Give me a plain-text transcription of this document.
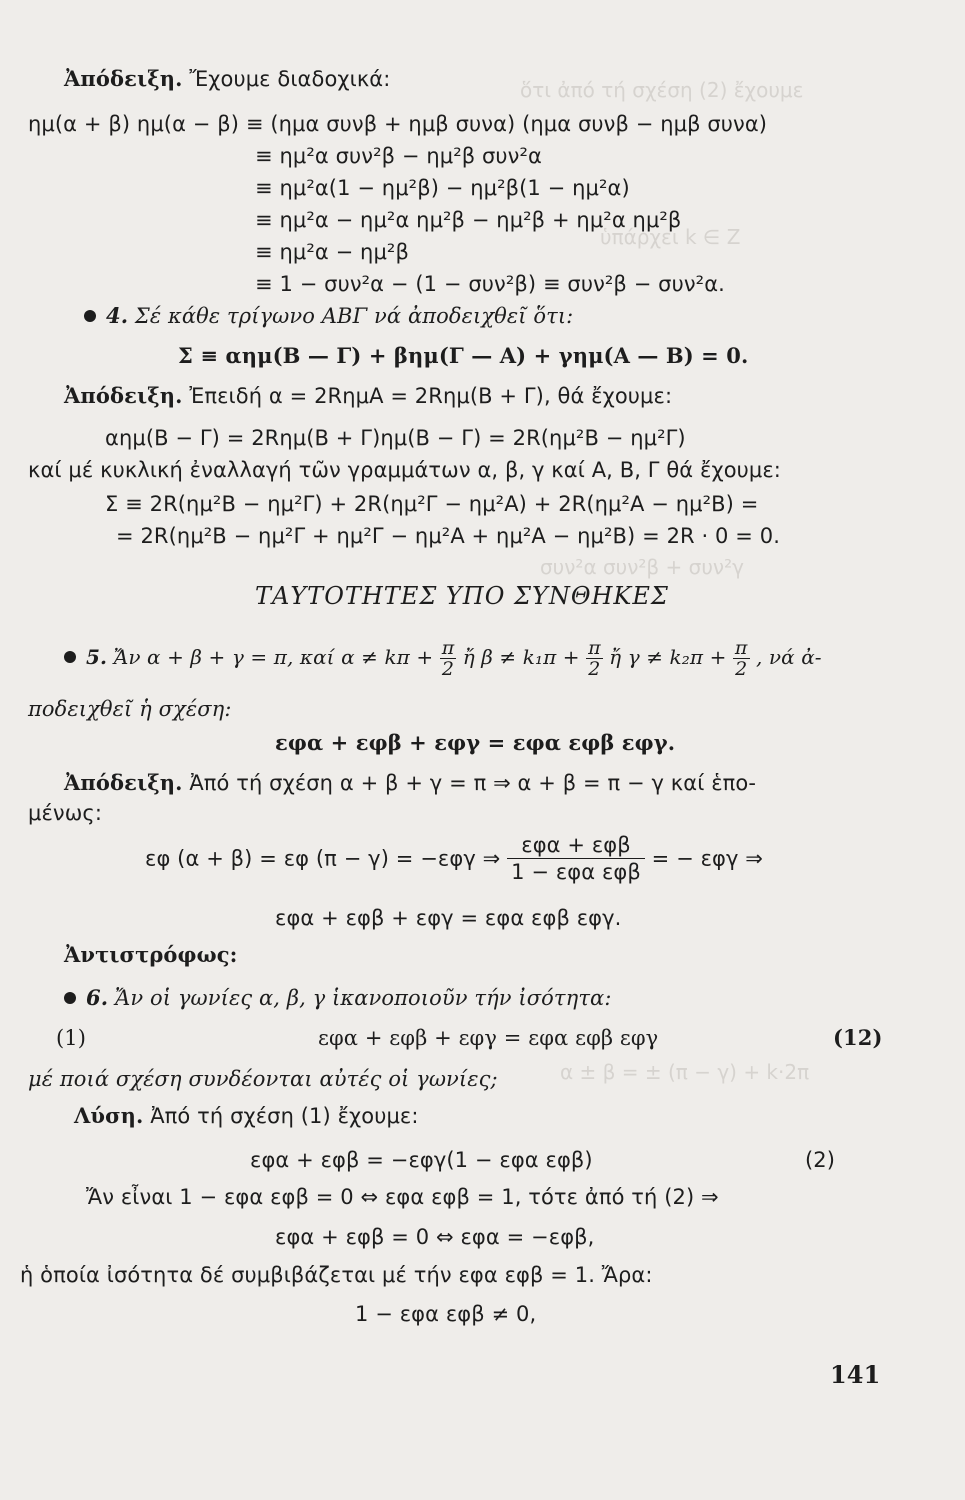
ὅτι ἀπό τή σχέση (2) ἔχουμε
ὑπάρχει k ∈ Z
συν²α συν²β + συν²γ
α ± β = ± (π − γ) + k·2π
Ἀπόδειξη. Ἔχουμε διαδοχικά:
ημ(α + β) ημ(α − β) ≡ (ημα συνβ + ημβ συνα) (ημα συνβ − ημβ συνα)
≡ ημ²α συν²β − ημ²β συν²α
≡ ημ²α(1 − ημ²β) − ημ²β(1 − ημ²α)
≡ ημ²α − ημ²α ημ²β − ημ²β + ημ²α ημ²β
≡ ημ²α − ημ²β
≡ 1 − συν²α − (1 − συν²β) ≡ συν²β − συν²α.
4. Σέ κάθε τρίγωνο ΑΒΓ νά ἀποδειχθεῖ ὅτι:
Σ ≡ αημ(Β — Γ) + βημ(Γ — Α) + γημ(Α — Β) = 0.
Ἀπόδειξη. Ἐπειδή α = 2RημΑ = 2Rημ(Β + Γ), θά ἔχουμε:
αημ(Β − Γ) = 2Rημ(Β + Γ)ημ(Β − Γ) = 2R(ημ²Β − ημ²Γ)
καί μέ κυκλική ἐναλλαγή τῶν γραμμάτων α, β, γ καί Α, Β, Γ θά ἔχουμε:
Σ ≡ 2R(ημ²Β − ημ²Γ) + 2R(ημ²Γ − ημ²Α) + 2R(ημ²Α − ημ²Β) =
= 2R(ημ²Β − ημ²Γ + ημ²Γ − ημ²Α + ημ²Α − ημ²Β) = 2R · 0 = 0.
ΤΑΥΤΟΤΗΤΕΣ ΥΠΟ ΣΥΝΘΗΚΕΣ
5. Ἄν α + β + γ = π, καί $\alpha \ne k\pi + \frac{\pi}{2}$ ἤ $\beta \ne k_1\pi + \frac{\pi}{2}$ ἤ $\gamma \ne k_2\pi + \frac{\pi}{2}$ , νά ἀ-
ποδειχθεῖ ἡ σχέση:
εφα + εφβ + εφγ = εφα εφβ εφγ.
Ἀπόδειξη. Ἀπό τή σχέση α + β + γ = π ⇒ α + β = π − γ καί ἑπο-
μένως:
εφ (α + β) = εφ (π − γ) = −εφγ ⇒ $\frac{\text{εφα + εφβ}}{\text{1 − εφα εφβ}}$ = − εφγ ⇒
εφα + εφβ + εφγ = εφα εφβ εφγ.
Ἀντιστρόφως:
6. Ἄν οἱ γωνίες α, β, γ ἱκανοποιοῦν τήν ἰσότητα:
(1)	εφα + εφβ + εφγ = εφα εφβ εφγ	(12)
μέ ποιά σχέση συνδέονται αὐτές οἱ γωνίες;
Λύση. Ἀπό τή σχέση (1) ἔχουμε:
εφα + εφβ = −εφγ(1 − εφα εφβ)	(2)
Ἄν εἶναι 1 − εφα εφβ = 0 ⇔ εφα εφβ = 1, τότε ἀπό τή (2) ⇒
εφα + εφβ = 0 ⇔ εφα = −εφβ,
ἡ ὁποία ἰσότητα δέ συμβιβάζεται μέ τήν εφα εφβ = 1. Ἄρα:
1 − εφα εφβ ≠ 0,
141
